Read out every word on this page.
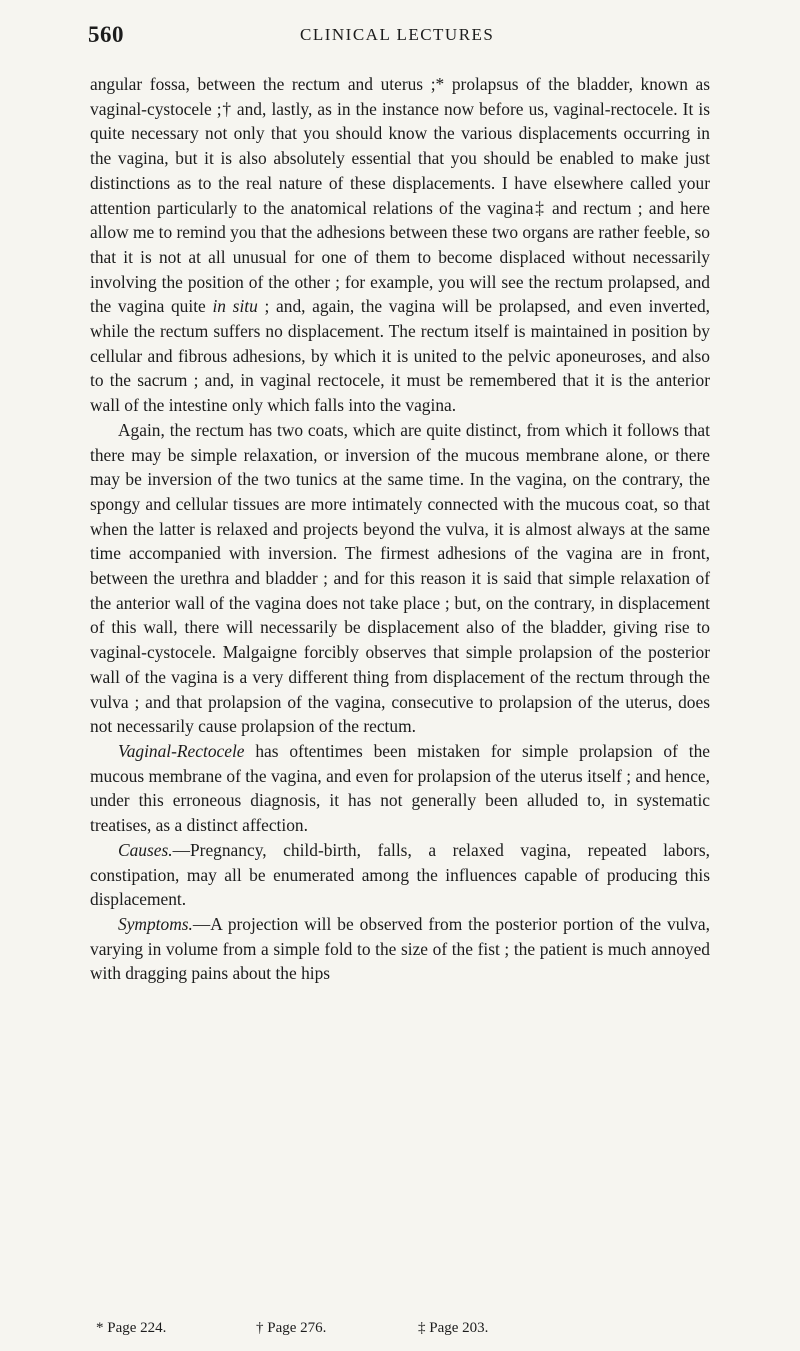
560	CLINICAL LECTURES

angular fossa, between the rectum and uterus ;* prolapsus of the bladder, known as vaginal-cystocele ;† and, lastly, as in the instance now before us, vaginal-rectocele. It is quite necessary not only that you should know the various displacements occurring in the vagina, but it is also absolutely essential that you should be enabled to make just distinctions as to the real nature of these displacements. I have elsewhere called your attention particularly to the anatomical relations of the vagina‡ and rectum ; and here allow me to remind you that the adhesions between these two organs are rather feeble, so that it is not at all unusual for one of them to become displaced without necessarily involving the position of the other ; for example, you will see the rectum prolapsed, and the vagina quite in situ ; and, again, the vagina will be prolapsed, and even inverted, while the rectum suffers no displacement. The rectum itself is maintained in position by cellular and fibrous adhesions, by which it is united to the pelvic aponeuroses, and also to the sacrum ; and, in vaginal rectocele, it must be remembered that it is the anterior wall of the intestine only which falls into the vagina.

Again, the rectum has two coats, which are quite distinct, from which it follows that there may be simple relaxation, or inversion of the mucous membrane alone, or there may be inversion of the two tunics at the same time. In the vagina, on the contrary, the spongy and cellular tissues are more intimately connected with the mucous coat, so that when the latter is relaxed and projects beyond the vulva, it is almost always at the same time accompanied with inversion. The firmest adhesions of the vagina are in front, between the urethra and bladder ; and for this reason it is said that simple relaxation of the anterior wall of the vagina does not take place ; but, on the contrary, in displacement of this wall, there will necessarily be displacement also of the bladder, giving rise to vaginal-cystocele. Malgaigne forcibly observes that simple prolapsion of the posterior wall of the vagina is a very different thing from displacement of the rectum through the vulva ; and that prolapsion of the vagina, consecutive to prolapsion of the uterus, does not necessarily cause prolapsion of the rectum.

Vaginal-Rectocele has oftentimes been mistaken for simple prolapsion of the mucous membrane of the vagina, and even for prolapsion of the uterus itself ; and hence, under this erroneous diagnosis, it has not generally been alluded to, in systematic treatises, as a distinct affection.

Causes.—Pregnancy, child-birth, falls, a relaxed vagina, repeated labors, constipation, may all be enumerated among the influences capable of producing this displacement.

Symptoms.—A projection will be observed from the posterior portion of the vulva, varying in volume from a simple fold to the size of the fist ; the patient is much annoyed with dragging pains about the hips

* Page 224.	† Page 276.	‡ Page 203.
